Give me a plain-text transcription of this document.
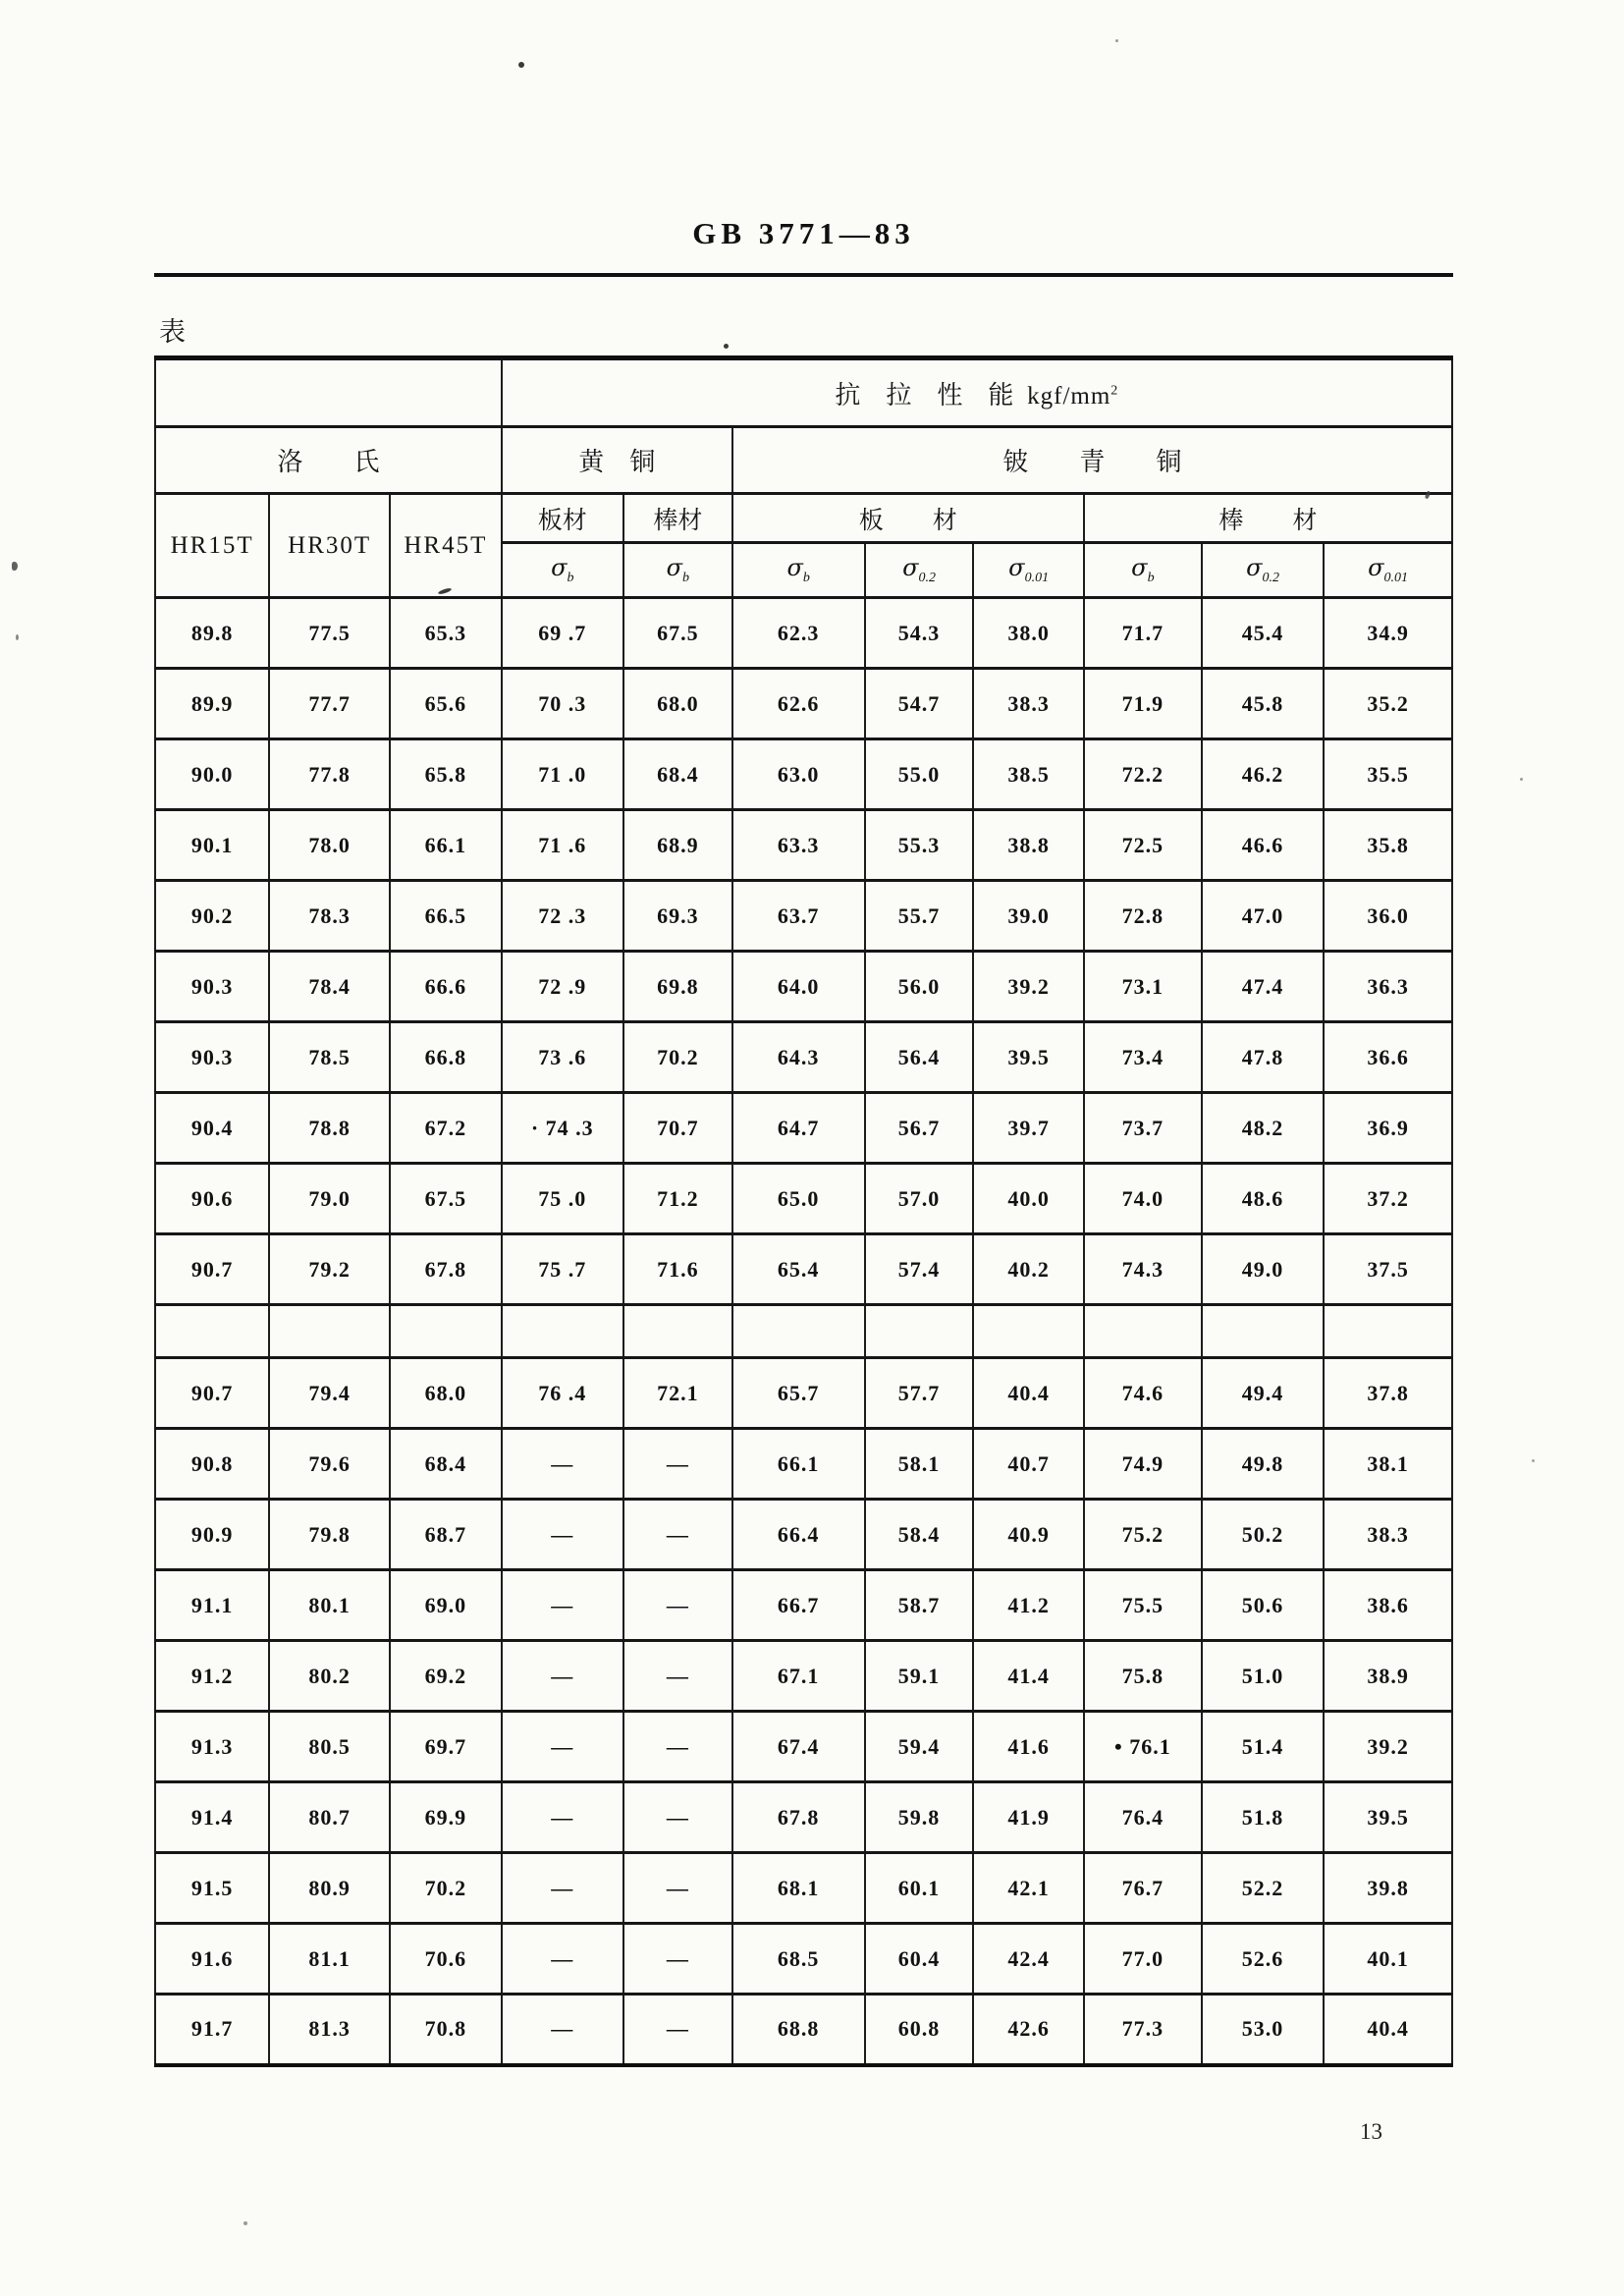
GB 3771—83
表
			抗　拉　性　能 kgf/$mm^2$
洛　　氏			黄　铜		铍　　青　　铜					
HR15T	HR30T	HR45T	板材	棒材	板　　材			棒　　材		
			σb	σb	σb	σ0.2	σ0.01	σb	σ0.2	σ0.01
89.8	77.5	65.3	69 .7	67.5	62.3	54.3	38.0	71.7	45.4	34.9
89.9	77.7	65.6	70 .3	68.0	62.6	54.7	38.3	71.9	45.8	35.2
90.0	77.8	65.8	71 .0	68.4	63.0	55.0	38.5	72.2	46.2	35.5
90.1	78.0	66.1	71 .6	68.9	63.3	55.3	38.8	72.5	46.6	35.8
90.2	78.3	66.5	72 .3	69.3	63.7	55.7	39.0	72.8	47.0	36.0
90.3	78.4	66.6	72 .9	69.8	64.0	56.0	39.2	73.1	47.4	36.3
90.3	78.5	66.8	73 .6	70.2	64.3	56.4	39.5	73.4	47.8	36.6
90.4	78.8	67.2	· 74 .3	70.7	64.7	56.7	39.7	73.7	48.2	36.9
90.6	79.0	67.5	75 .0	71.2	65.0	57.0	40.0	74.0	48.6	37.2
90.7	79.2	67.8	75 .7	71.6	65.4	57.4	40.2	74.3	49.0	37.5

90.7	79.4	68.0	76 .4	72.1	65.7	57.7	40.4	74.6	49.4	37.8
90.8	79.6	68.4	—	—	66.1	58.1	40.7	74.9	49.8	38.1
90.9	79.8	68.7	—	—	66.4	58.4	40.9	75.2	50.2	38.3
91.1	80.1	69.0	—	—	66.7	58.7	41.2	75.5	50.6	38.6
91.2	80.2	69.2	—	—	67.1	59.1	41.4	75.8	51.0	38.9
91.3	80.5	69.7	—	—	67.4	59.4	41.6	• 76.1	51.4	39.2
91.4	80.7	69.9	—	—	67.8	59.8	41.9	76.4	51.8	39.5
91.5	80.9	70.2	—	—	68.1	60.1	42.1	76.7	52.2	39.8
91.6	81.1	70.6	—	—	68.5	60.4	42.4	77.0	52.6	40.1
91.7	81.3	70.8	—	—	68.8	60.8	42.6	77.3	53.0	40.4
13
